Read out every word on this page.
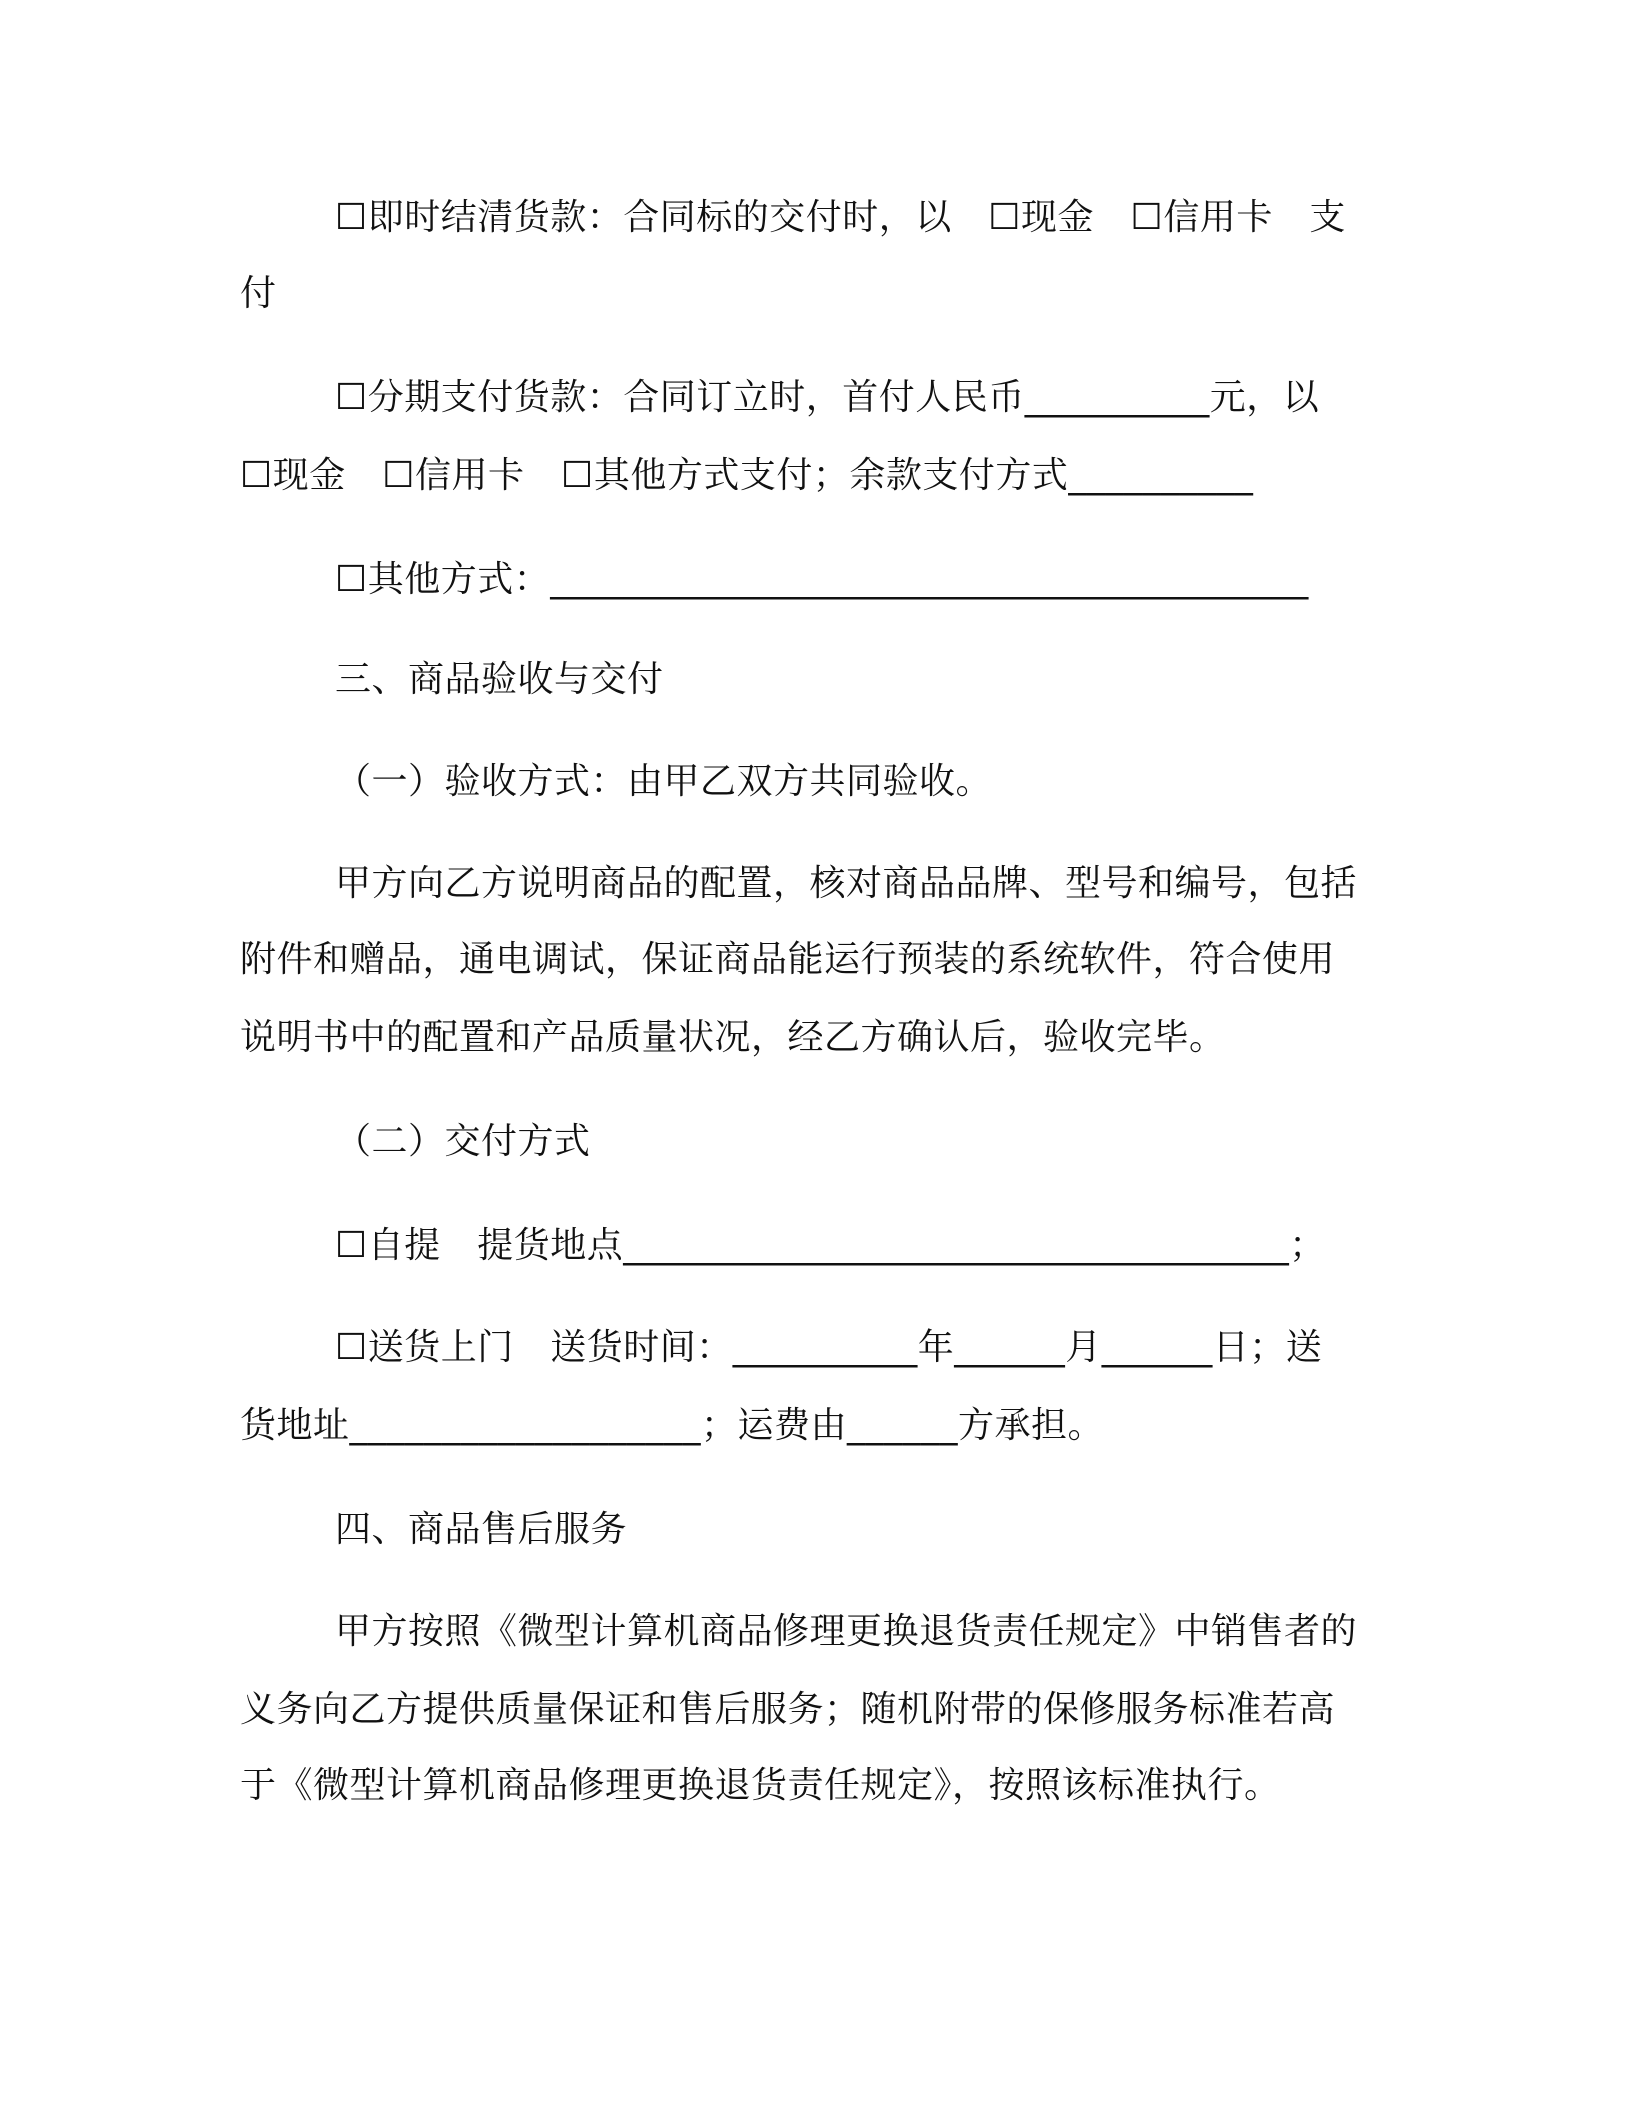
☐即时结清货款：合同标的交付时，以　☐现金　☐信用卡　支
付
☐分期支付货款：合同订立时，首付人民币__________元，以
☐现金　☐信用卡　☐其他方式支付；余款支付方式__________
☐其他方式：_________________________________________
三、商品验收与交付
（一）验收方式：由甲乙双方共同验收。
甲方向乙方说明商品的配置，核对商品品牌、型号和编号，包括
附件和赠品，通电调试，保证商品能运行预装的系统软件，符合使用
说明书中的配置和产品质量状况，经乙方确认后，验收完毕。
（二）交付方式
☐自提　提货地点____________________________________；
☐送货上门　送货时间：__________年______月______日；送
货地址___________________；运费由______方承担。
四、商品售后服务
甲方按照《微型计算机商品修理更换退货责任规定》中销售者的
义务向乙方提供质量保证和售后服务；随机附带的保修服务标准若高
于《微型计算机商品修理更换退货责任规定》，按照该标准执行。
